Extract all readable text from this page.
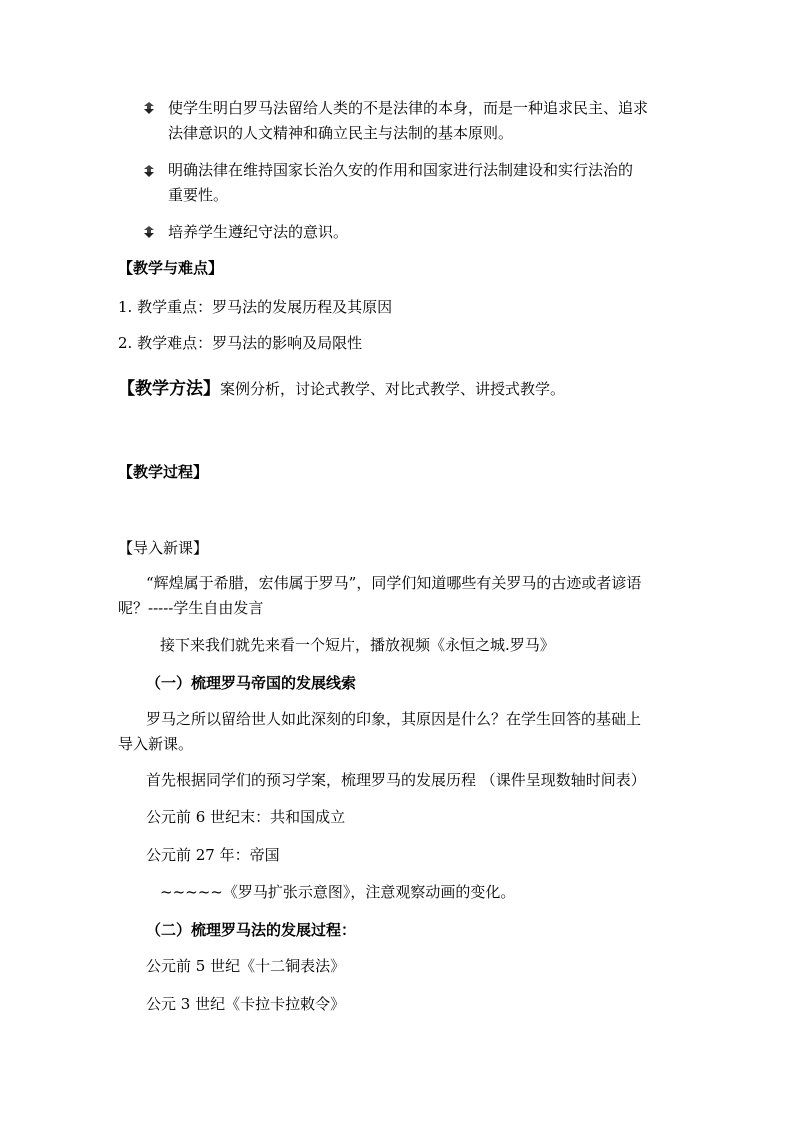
使学生明白罗马法留给人类的不是法律的本身，而是一种追求民主、追求
法律意识的人文精神和确立民主与法制的基本原则。
明确法律在维持国家长治久安的作用和国家进行法制建设和实行法治的
重要性。
培养学生遵纪守法的意识。
【教学与难点】
1. 教学重点：罗马法的发展历程及其原因
2. 教学难点：罗马法的影响及局限性
【教学方法】案例分析，讨论式教学、对比式教学、讲授式教学。
【教学过程】
【导入新课】
“辉煌属于希腊，宏伟属于罗马”，同学们知道哪些有关罗马的古迹或者谚语
呢？-----学生自由发言
接下来我们就先来看一个短片，播放视频《永恒之城.罗马》
（一）梳理罗马帝国的发展线索
罗马之所以留给世人如此深刻的印象，其原因是什么？在学生回答的基础上
导入新课。
首先根据同学们的预习学案，梳理罗马的发展历程 （课件呈现数轴时间表）
公元前 6 世纪末：共和国成立
公元前 27 年：帝国
~~~~~《罗马扩张示意图》，注意观察动画的变化。
（二）梳理罗马法的发展过程：
公元前 5 世纪《十二铜表法》
公元 3 世纪《卡拉卡拉敕令》
